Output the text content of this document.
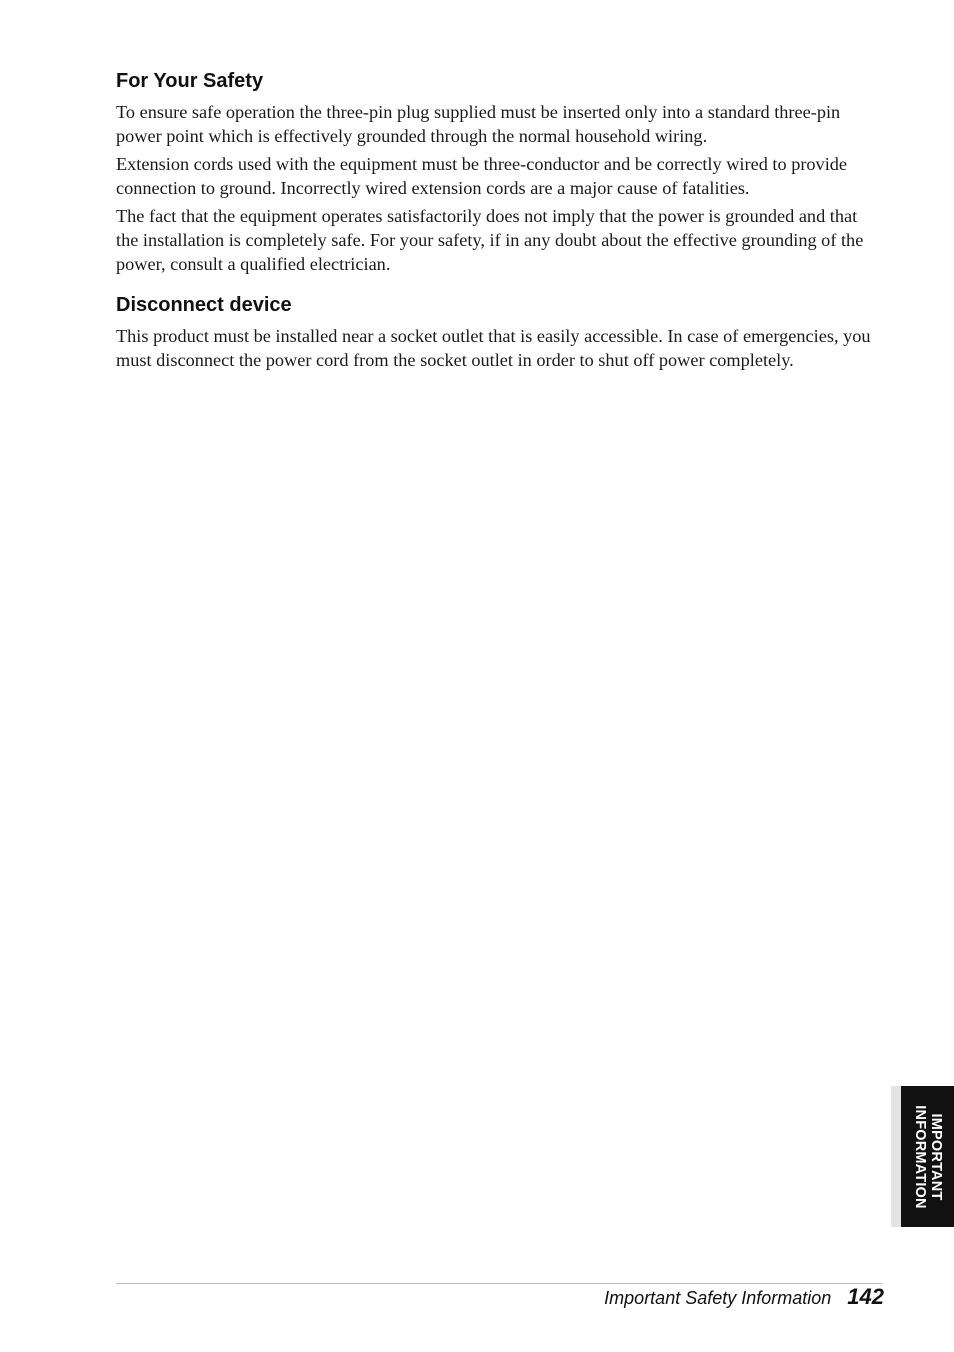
For Your Safety

To ensure safe operation the three-pin plug supplied must be inserted only into a standard three-pin power point which is effectively grounded through the normal household wiring.

Extension cords used with the equipment must be three-conductor and be correctly wired to provide connection to ground. Incorrectly wired extension cords are a major cause of fatalities.

The fact that the equipment operates satisfactorily does not imply that the power is grounded and that the installation is completely safe. For your safety, if in any doubt about the effective grounding of the power, consult a qualified electrician.

Disconnect device

This product must be installed near a socket outlet that is easily accessible. In case of emergencies, you must disconnect the power cord from the socket outlet in order to shut off power completely.

IMPORTANT
INFORMATION
Important Safety Information 142
